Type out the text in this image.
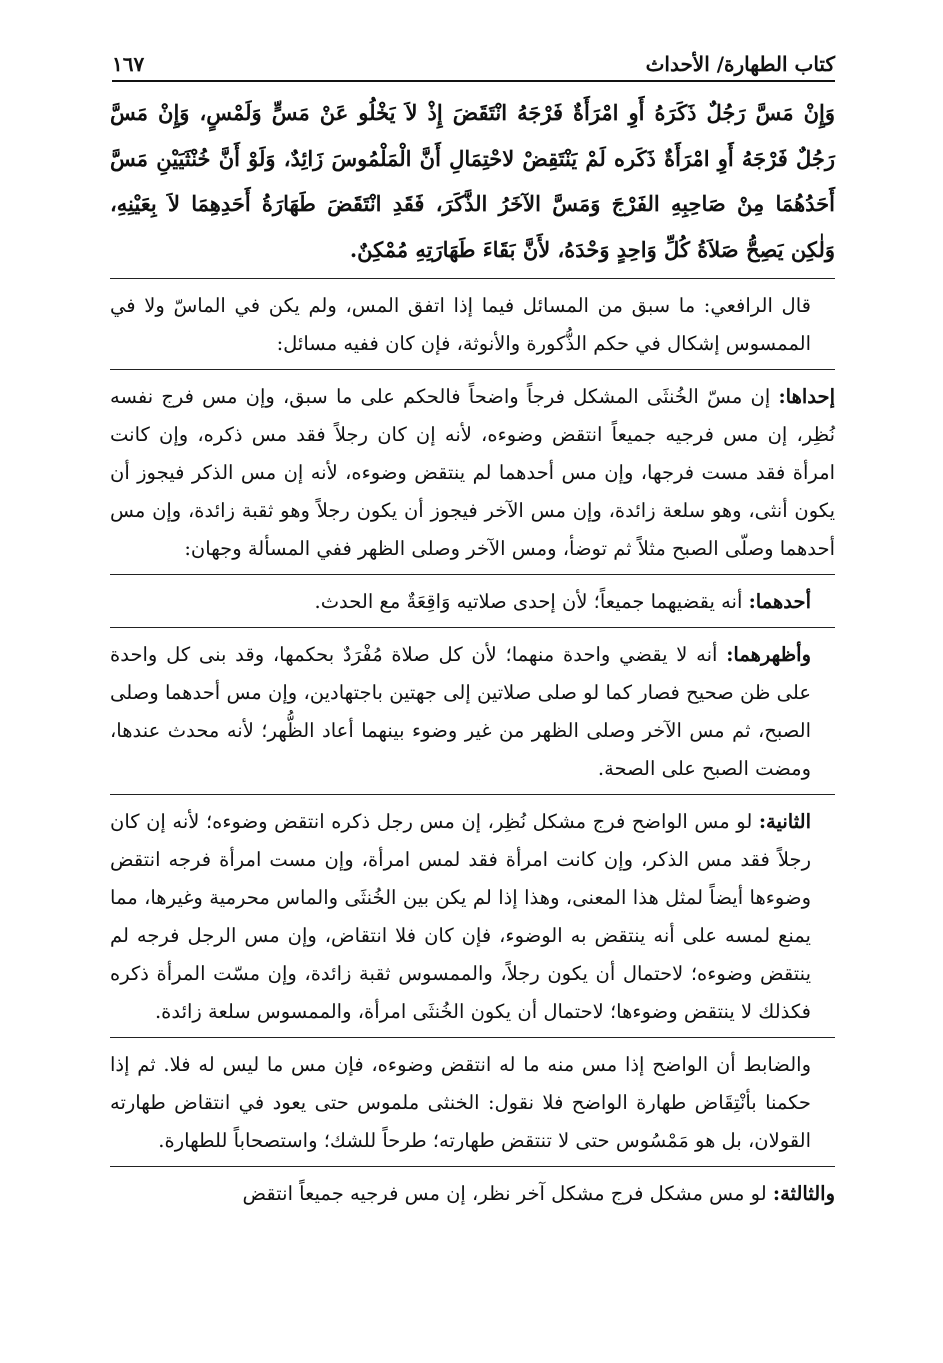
كتاب الطهارة/ الأحداث
١٦٧

وَإِنْ مَسَّ رَجُلٌ ذَكَرَهُ أَوِ امْرَأَةٌ فَرْجَهُ انْتَقَضَ إِذْ لاَ يَخْلُو عَنْ مَسٍّ وَلَمْسٍ، وَإِنْ مَسَّ رَجُلٌ فَرْجَهُ أَوِ امْرَأَةٌ ذَكَره لَمْ يَنْتَقِضْ لاحْتِمَالِ أَنَّ الْمَلْمُوسَ زَائِدٌ، وَلَوْ أَنَّ خُنْثَيَيْنِ مَسَّ أَحَدُهُمَا مِنْ صَاحِبِهِ الفَرْجَ وَمَسَّ الآخَرُ الذَّكَرَ، فَقَدِ انْتَقَضَ طَهَارَةُ أَحَدِهِمَا لاَ بِعَيْنِهِ، وَلٰكِن يَصِحُّ صَلاَةُ كُلِّ وَاحِدٍ وَحْدَهُ، لأَنَّ بَقَاءَ طَهَارَتِهِ مُمْكِنٌ.

قال الرافعي: ما سبق من المسائل فيما إذا اتفق المس، ولم يكن في الماسّ ولا في الممسوس إشكال في حكم الذُّكورة والأنوثة، فإن كان ففيه مسائل:

إحداها: إن مسّ الخُنثَى المشكل فرجاً واضحاً فالحكم على ما سبق، وإن مس فرج نفسه نُظِر، إن مس فرجيه جميعاً انتقض وضوءه، لأنه إن كان رجلاً فقد مس ذكره، وإن كانت امرأة فقد مست فرجها، وإن مس أحدهما لم ينتقض وضوءه، لأنه إن مس الذكر فيجوز أن يكون أنثى، وهو سلعة زائدة، وإن مس الآخر فيجوز أن يكون رجلاً وهو ثقبة زائدة، وإن مس أحدهما وصلّى الصبح مثلاً ثم توضأ، ومس الآخر وصلى الظهر ففي المسألة وجهان:

أحدهما: أنه يقضيهما جميعاً؛ لأن إحدى صلاتيه وَاقِعَةٌ مع الحدث.

وأظهرهما: أنه لا يقضي واحدة منهما؛ لأن كل صلاة مُفْرَدٌ بحكمها، وقد بنى كل واحدة على ظن صحيح فصار كما لو صلى صلاتين إلى جهتين باجتهادين، وإن مس أحدهما وصلى الصبح، ثم مس الآخر وصلى الظهر من غير وضوء بينهما أعاد الظُّهر؛ لأنه محدث عندها، ومضت الصبح على الصحة.

الثانية: لو مس الواضح فرج مشكل نُظِر، إن مس رجل ذكره انتقض وضوءه؛ لأنه إن كان رجلاً فقد مس الذكر، وإن كانت امرأة فقد لمس امرأة، وإن مست امرأة فرجه انتقض وضوءها أيضاً لمثل هذا المعنى، وهذا إذا لم يكن بين الخُنثَى والماس محرمية وغيرها، مما يمنع لمسه على أنه ينتقض به الوضوء، فإن كان فلا انتقاض، وإن مس الرجل فرجه لم ينتقض وضوءه؛ لاحتمال أن يكون رجلاً، والممسوس ثقبة زائدة، وإن مسّت المرأة ذكره فكذلك لا ينتقض وضوءها؛ لاحتمال أن يكون الخُنثَى امرأة، والممسوس سلعة زائدة.

والضابط أن الواضح إذا مس منه ما له انتقض وضوءه، فإن مس ما ليس له فلا. ثم إذا حكمنا بأنْتِقَاض طهارة الواضح فلا نقول: الخنثى ملموس حتى يعود في انتقاض طهارته القولان، بل هو مَمْسُوس حتى لا تنتقض طهارته؛ طرحاً للشك؛ واستصحاباً للطهارة.

والثالثة: لو مس مشكل فرج مشكل آخر نظر، إن مس فرجيه جميعاً انتقض
